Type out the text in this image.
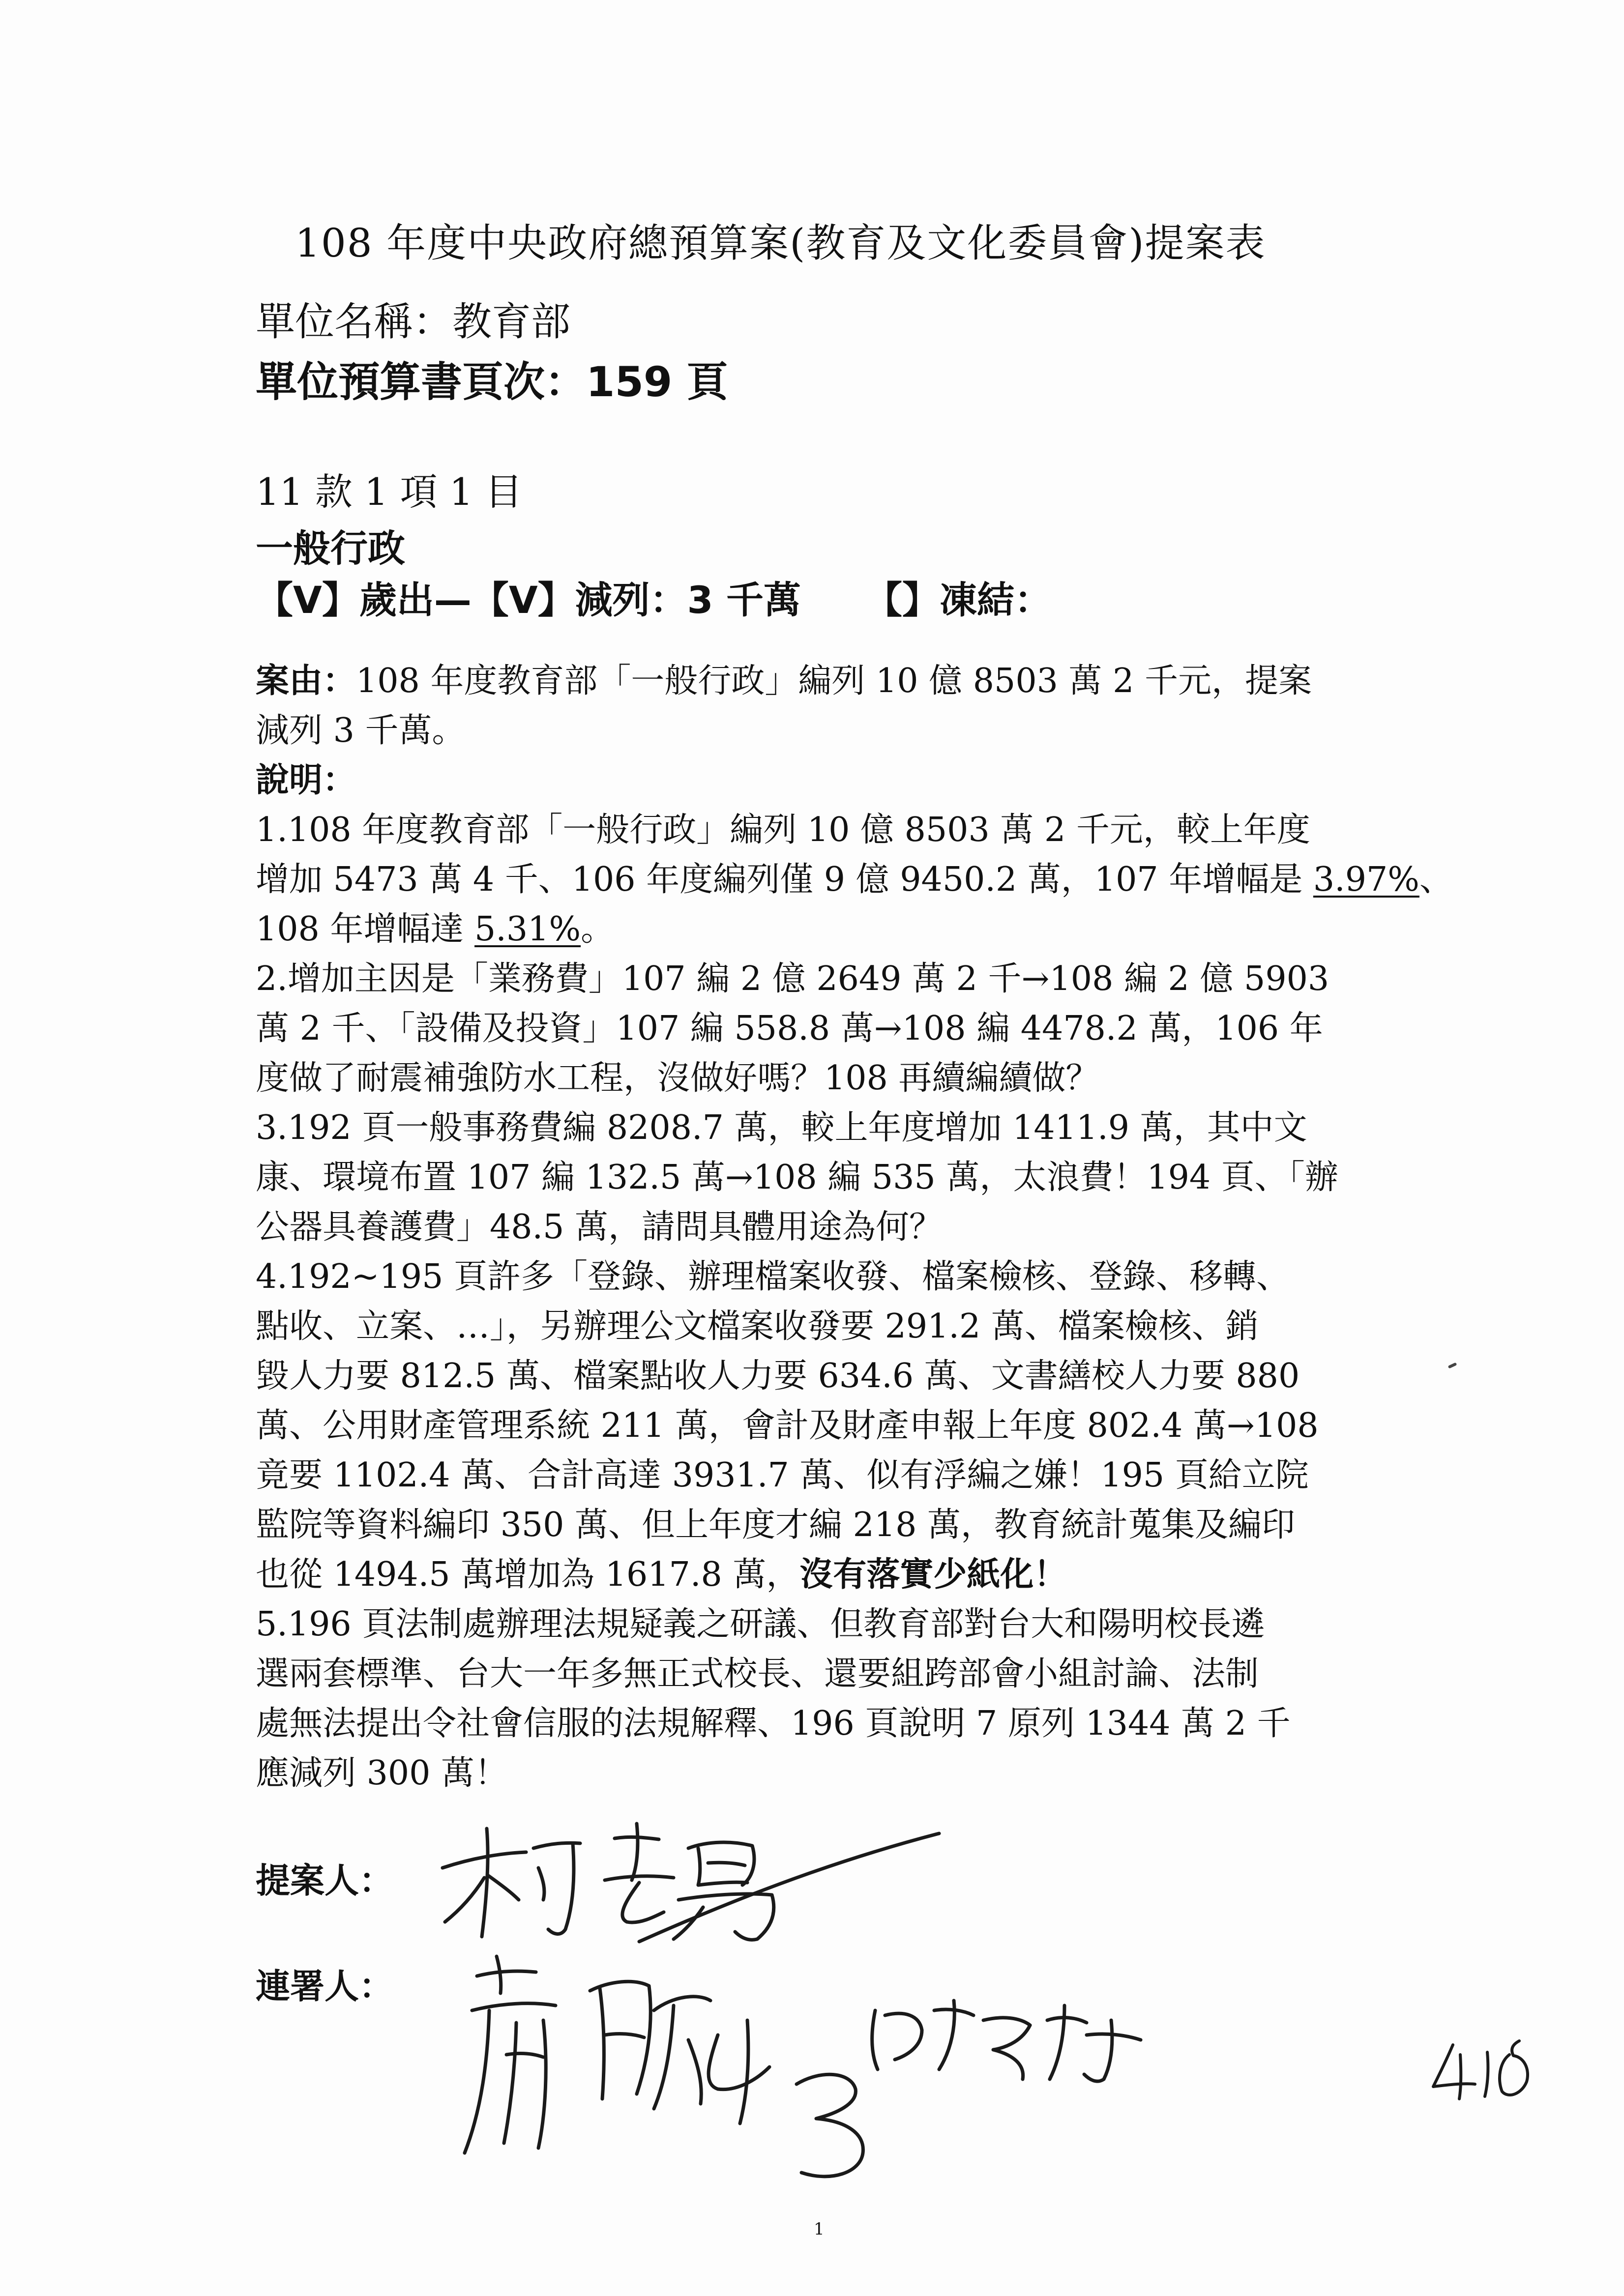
108 年度中央政府總預算案(教育及文化委員會)提案表
單位名稱：教育部
單位預算書頁次：159 頁
11 款 1 項 1 目
一般行政
【V】歲出—【V】減列：3 千萬 【】凍結：
案由：108 年度教育部「一般行政」編列 10 億 8503 萬 2 千元，提案
減列 3 千萬。
說明：
1.108 年度教育部「一般行政」編列 10 億 8503 萬 2 千元，較上年度
增加 5473 萬 4 千、106 年度編列僅 9 億 9450.2 萬，107 年增幅是 3.97%、
108 年增幅達 5.31%。
2.增加主因是「業務費」107 編 2 億 2649 萬 2 千→108 編 2 億 5903
萬 2 千、「設備及投資」107 編 558.8 萬→108 編 4478.2 萬，106 年
度做了耐震補強防水工程，沒做好嗎？108 再續編續做？
3.192 頁一般事務費編 8208.7 萬，較上年度增加 1411.9 萬，其中文
康、環境布置 107 編 132.5 萬→108 編 535 萬，太浪費！194 頁、「辦
公器具養護費」48.5 萬，請問具體用途為何？
4.192~195 頁許多「登錄、辦理檔案收發、檔案檢核、登錄、移轉、
點收、立案、…」，另辦理公文檔案收發要 291.2 萬、檔案檢核、銷
毀人力要 812.5 萬、檔案點收人力要 634.6 萬、文書繕校人力要 880
萬、公用財產管理系統 211 萬，會計及財產申報上年度 802.4 萬→108
竟要 1102.4 萬、合計高達 3931.7 萬、似有浮編之嫌！195 頁給立院
監院等資料編印 350 萬、但上年度才編 218 萬，教育統計蒐集及編印
也從 1494.5 萬增加為 1617.8 萬，沒有落實少紙化！
5.196 頁法制處辦理法規疑義之研議、但教育部對台大和陽明校長遴
選兩套標準、台大一年多無正式校長、還要組跨部會小組討論、法制
處無法提出令社會信服的法規解釋、196 頁說明 7 原列 1344 萬 2 千
應減列 300 萬！
提案人：
連署人：
1
